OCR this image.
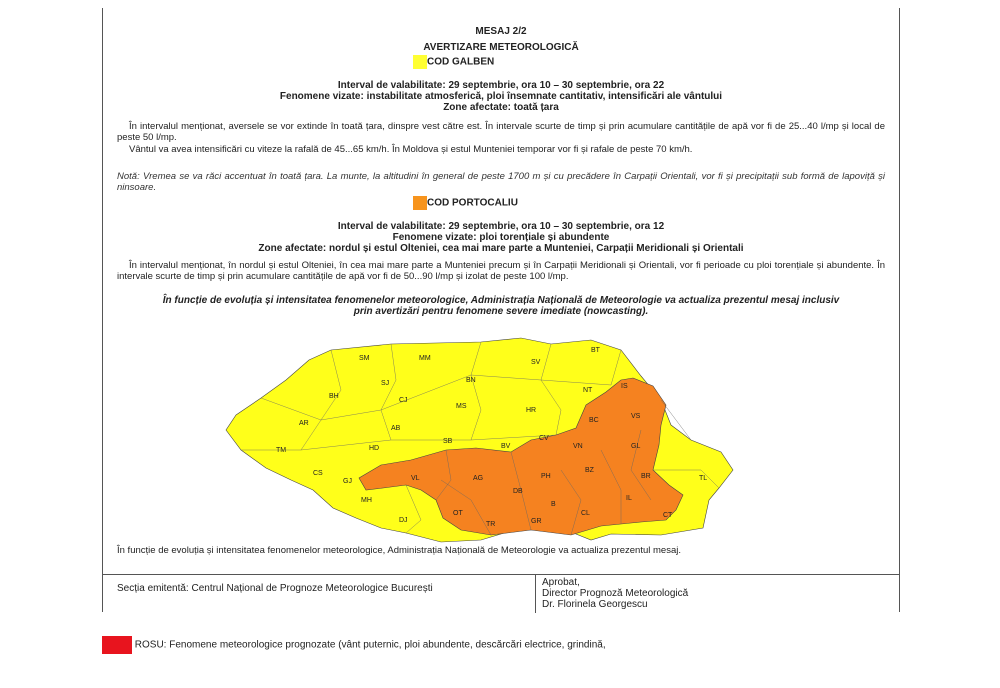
MESAJ 2/2
AVERTIZARE METEOROLOGICĂ
COD GALBEN
Interval de valabilitate: 29 septembrie, ora 10 – 30 septembrie, ora 22
Fenomene vizate: instabilitate atmosferică, ploi însemnate cantitativ, intensificări ale vântului
Zone afectate: toată țara
În intervalul menționat, aversele se vor extinde în toată țara, dinspre vest către est. În intervale scurte de timp și prin acumulare cantitățile de apă vor fi de 25...40 l/mp și local de peste 50 l/mp.
Vântul va avea intensificări cu viteze la rafală de 45...65 km/h. În Moldova și estul Munteniei temporar vor fi și rafale de peste 70 km/h.
Notă: Vremea se va răci accentuat în toată țara. La munte, la altitudini în general de peste 1700 m și cu precădere în Carpații Orientali, vor fi și precipitații sub formă de lapoviță și ninsoare.
COD PORTOCALIU
Interval de valabilitate: 29 septembrie, ora 10 – 30 septembrie, ora 12
Fenomene vizate: ploi torențiale și abundente
Zone afectate: nordul și estul Olteniei, cea mai mare parte a Munteniei, Carpații Meridionali și Orientali
În intervalul menționat, în nordul și estul Olteniei, în cea mai mare parte a Munteniei precum și în Carpații Meridionali și Orientali, vor fi perioade cu ploi torențiale și abundente. În intervale scurte de timp și prin acumulare cantitățile de apă vor fi de 50...90 l/mp și izolat de peste 100 l/mp.
În funcție de evoluția și intensitatea fenomenelor meteorologice, Administrația Națională de Meteorologie va actualiza prezentul mesaj inclusiv prin avertizări pentru fenomene severe imediate (nowcasting).
SM	MM
SV
BT
BH
SJ	BN
IS
NT
CJ
MS
HR
VS
BC
AR
AB
CV
VN	GL
TM	HD
SB
BV
BZ
BR	TL
CS
GJ	VL	AG	PH
DB
MH
OT
TR	GR
CL
IL
CT
DJ
B
În funcție de evoluția și intensitatea fenomenelor meteorologice, Administrația Națională de Meteorologie va actualiza prezentul mesaj.
Secția emitentă: Centrul Național de Prognoze Meteorologice București
Aprobat,
Director Prognoză Meteorologică
Dr. Florinela Georgescu
ROSU: Fenomene meteorologice prognozate (vânt puternic, ploi abundente, descărcări electrice, grindină,
